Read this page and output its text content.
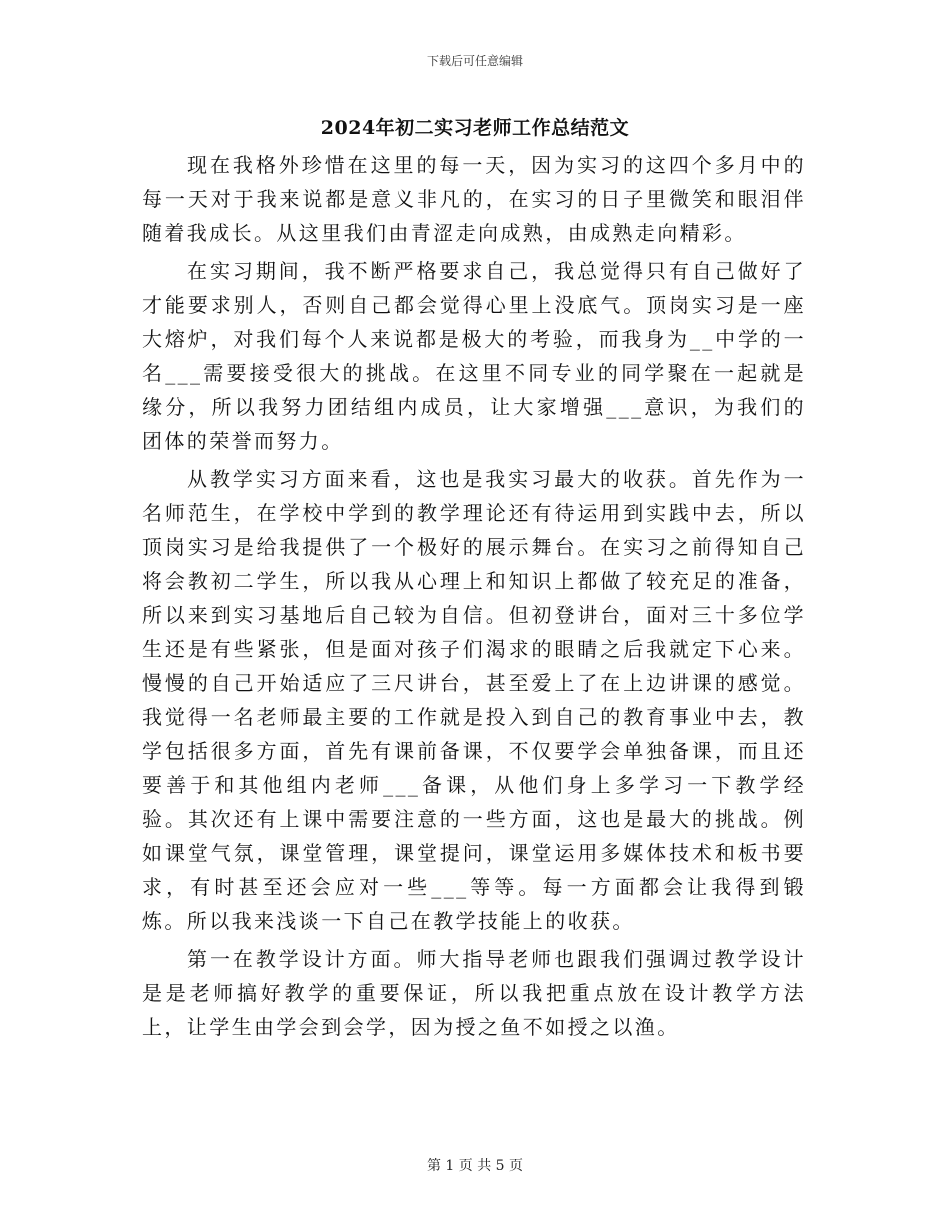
下载后可任意编辑
2024年初二实习老师工作总结范文

现在我格外珍惜在这里的每一天，因为实习的这四个多月中的每一天对于我来说都是意义非凡的，在实习的日子里微笑和眼泪伴随着我成长。从这里我们由青涩走向成熟，由成熟走向精彩。

在实习期间，我不断严格要求自己，我总觉得只有自己做好了才能要求别人，否则自己都会觉得心里上没底气。顶岗实习是一座大熔炉，对我们每个人来说都是极大的考验，而我身为__中学的一名___需要接受很大的挑战。在这里不同专业的同学聚在一起就是缘分，所以我努力团结组内成员，让大家增强___意识，为我们的团体的荣誉而努力。

从教学实习方面来看，这也是我实习最大的收获。首先作为一名师范生，在学校中学到的教学理论还有待运用到实践中去，所以顶岗实习是给我提供了一个极好的展示舞台。在实习之前得知自己将会教初二学生，所以我从心理上和知识上都做了较充足的准备，所以来到实习基地后自己较为自信。但初登讲台，面对三十多位学生还是有些紧张，但是面对孩子们渴求的眼睛之后我就定下心来。慢慢的自己开始适应了三尺讲台，甚至爱上了在上边讲课的感觉。我觉得一名老师最主要的工作就是投入到自己的教育事业中去，教学包括很多方面，首先有课前备课，不仅要学会单独备课，而且还要善于和其他组内老师___备课，从他们身上多学习一下教学经验。其次还有上课中需要注意的一些方面，这也是最大的挑战。例如课堂气氛，课堂管理，课堂提问，课堂运用多媒体技术和板书要求，有时甚至还会应对一些___等等。每一方面都会让我得到锻炼。所以我来浅谈一下自己在教学技能上的收获。

第一在教学设计方面。师大指导老师也跟我们强调过教学设计是是老师搞好教学的重要保证，所以我把重点放在设计教学方法上，让学生由学会到会学，因为授之鱼不如授之以渔。

第 1 页 共 5 页
